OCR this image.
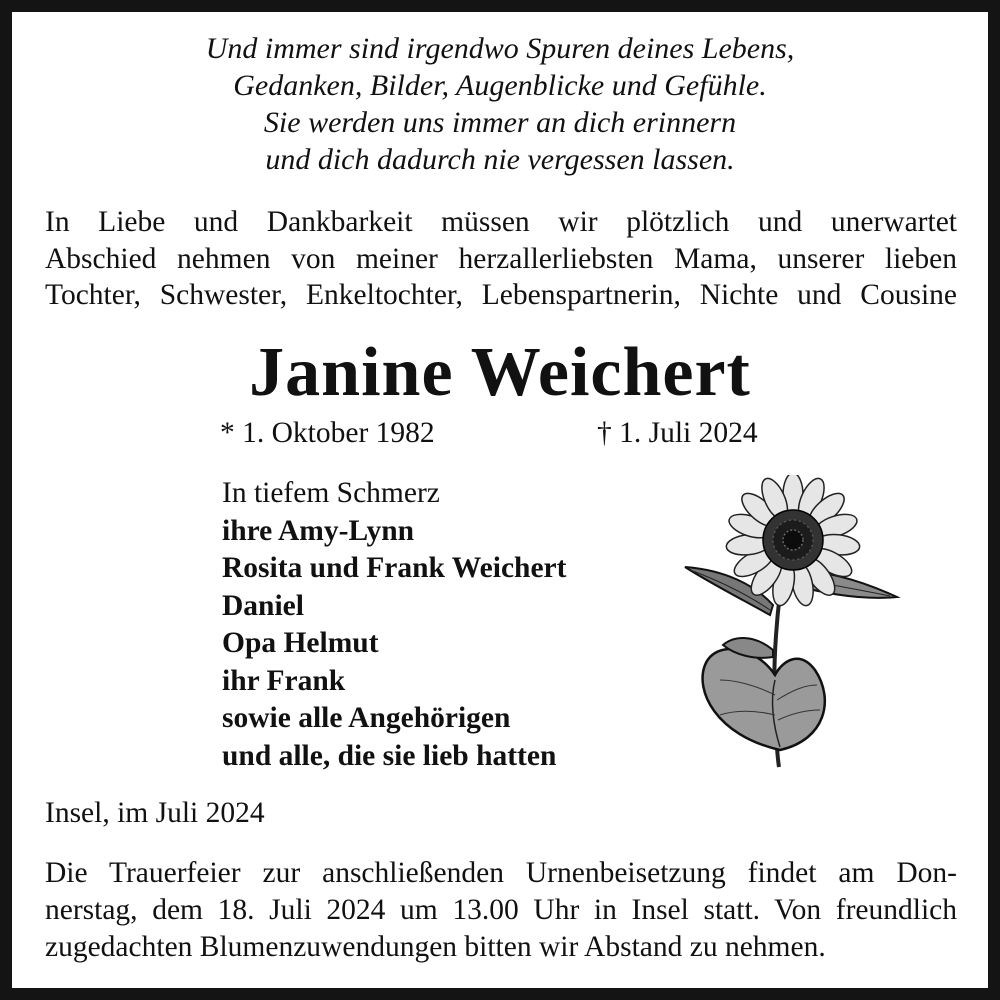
Und immer sind irgendwo Spuren deines Lebens,
Gedanken, Bilder, Augenblicke und Gefühle.
Sie werden uns immer an dich erinnern
und dich dadurch nie vergessen lassen.
In Liebe und Dankbarkeit müssen wir plötzlich und unerwartet
Abschied nehmen von meiner herzallerliebsten Mama, unserer lieben
Tochter, Schwester, Enkeltochter, Lebenspartnerin, Nichte und Cousine
Janine Weichert
* 1. Oktober 1982	† 1. Juli 2024
In tiefem Schmerz
ihre Amy-Lynn
Rosita und Frank Weichert
Daniel
Opa Helmut
ihr Frank
sowie alle Angehörigen
und alle, die sie lieb hatten
Insel, im Juli 2024
Die Trauerfeier zur anschließenden Urnenbeisetzung findet am Don-
nerstag, dem 18. Juli 2024 um 13.00 Uhr in Insel statt. Von freundlich
zugedachten Blumenzuwendungen bitten wir Abstand zu nehmen.
